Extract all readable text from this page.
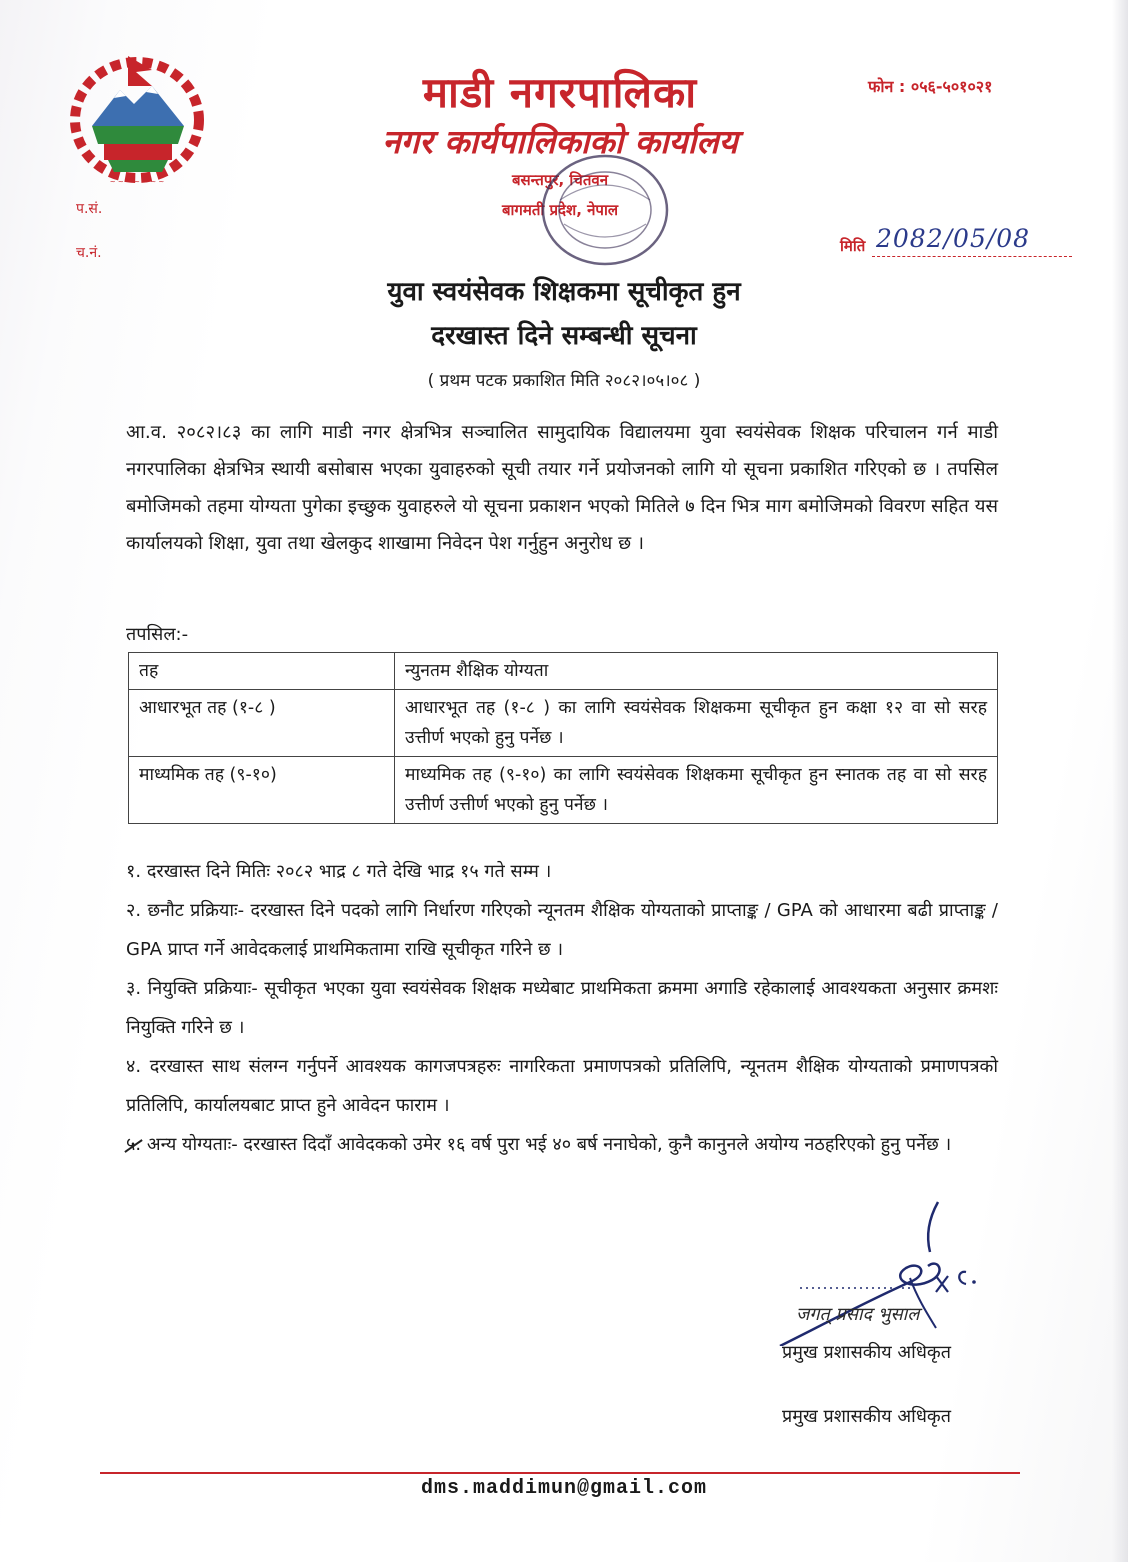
~ ~ ~ ~ ~ ~ ~
माडी नगरपालिका
नगर कार्यपालिकाको कार्यालय
बसन्तपुर, चितवन
बागमती प्रदेश, नेपाल
फोन : ०५६-५०१०२१
प.सं.
च.नं.	मिति 2082/05/08
युवा स्वयंसेवक शिक्षकमा सूचीकृत हुन
दरखास्त दिने सम्बन्धी सूचना
( प्रथम पटक प्रकाशित मिति २०८२।०५।०८ )
आ.व. २०८२।८३ का लागि माडी नगर क्षेत्रभित्र सञ्चालित सामुदायिक विद्यालयमा युवा स्वयंसेवक शिक्षक परिचालन गर्न माडी नगरपालिका क्षेत्रभित्र स्थायी बसोबास भएका युवाहरुको सूची तयार गर्ने प्रयोजनको लागि यो सूचना प्रकाशित गरिएको छ । तपसिल बमोजिमको तहमा योग्यता पुगेका इच्छुक युवाहरुले यो सूचना प्रकाशन भएको मितिले ७ दिन भित्र माग बमोजिमको विवरण सहित यस कार्यालयको शिक्षा, युवा तथा खेलकुद शाखामा निवेदन पेश गर्नुहुन अनुरोध छ ।
तपसिल:-
तह	न्युनतम शैक्षिक योग्यता
आधारभूत तह (१-८ )	आधारभूत तह (१-८ ) का लागि स्वयंसेवक शिक्षकमा सूचीकृत हुन कक्षा १२ वा सो सरह उत्तीर्ण भएको हुनु पर्नेछ ।
माध्यमिक तह (९-१०)	माध्यमिक तह (९-१०) का लागि स्वयंसेवक शिक्षकमा सूचीकृत हुन स्नातक तह वा सो सरह उत्तीर्ण उत्तीर्ण भएको हुनु पर्नेछ ।

१. दरखास्त दिने मितिः २०८२ भाद्र ८ गते देखि भाद्र १५ गते सम्म ।

२. छनौट प्रक्रियाः- दरखास्त दिने पदको लागि निर्धारण गरिएको न्यूनतम शैक्षिक योग्यताको प्राप्ताङ्क / GPA को आधारमा बढी प्राप्ताङ्क / GPA प्राप्त गर्ने आवेदकलाई प्राथमिकतामा राखि सूचीकृत गरिने छ ।

३. नियुक्ति प्रक्रियाः- सूचीकृत भएका युवा स्वयंसेवक शिक्षक मध्येबाट प्राथमिकता क्रममा अगाडि रहेकालाई आवश्यकता अनुसार क्रमशः नियुक्ति गरिने छ ।

४. दरखास्त साथ संलग्न गर्नुपर्ने आवश्यक कागजपत्रहरुः नागरिकता प्रमाणपत्रको प्रतिलिपि, न्यूनतम शैक्षिक योग्यताको प्रमाणपत्रको प्रतिलिपि, कार्यालयबाट प्राप्त हुने आवेदन फाराम ।

५. अन्य योग्यताः- दरखास्त दिदाँ आवेदकको उमेर १६ वर्ष पुरा भई ४० बर्ष ननाघेको, कुनै कानुनले अयोग्य नठहरिएको हुनु पर्नेछ ।

जगत् प्रसाद भुसाल
प्रमुख प्रशासकीय अधिकृत
प्रमुख प्रशासकीय अधिकृत
dms.maddimun@gmail.com
